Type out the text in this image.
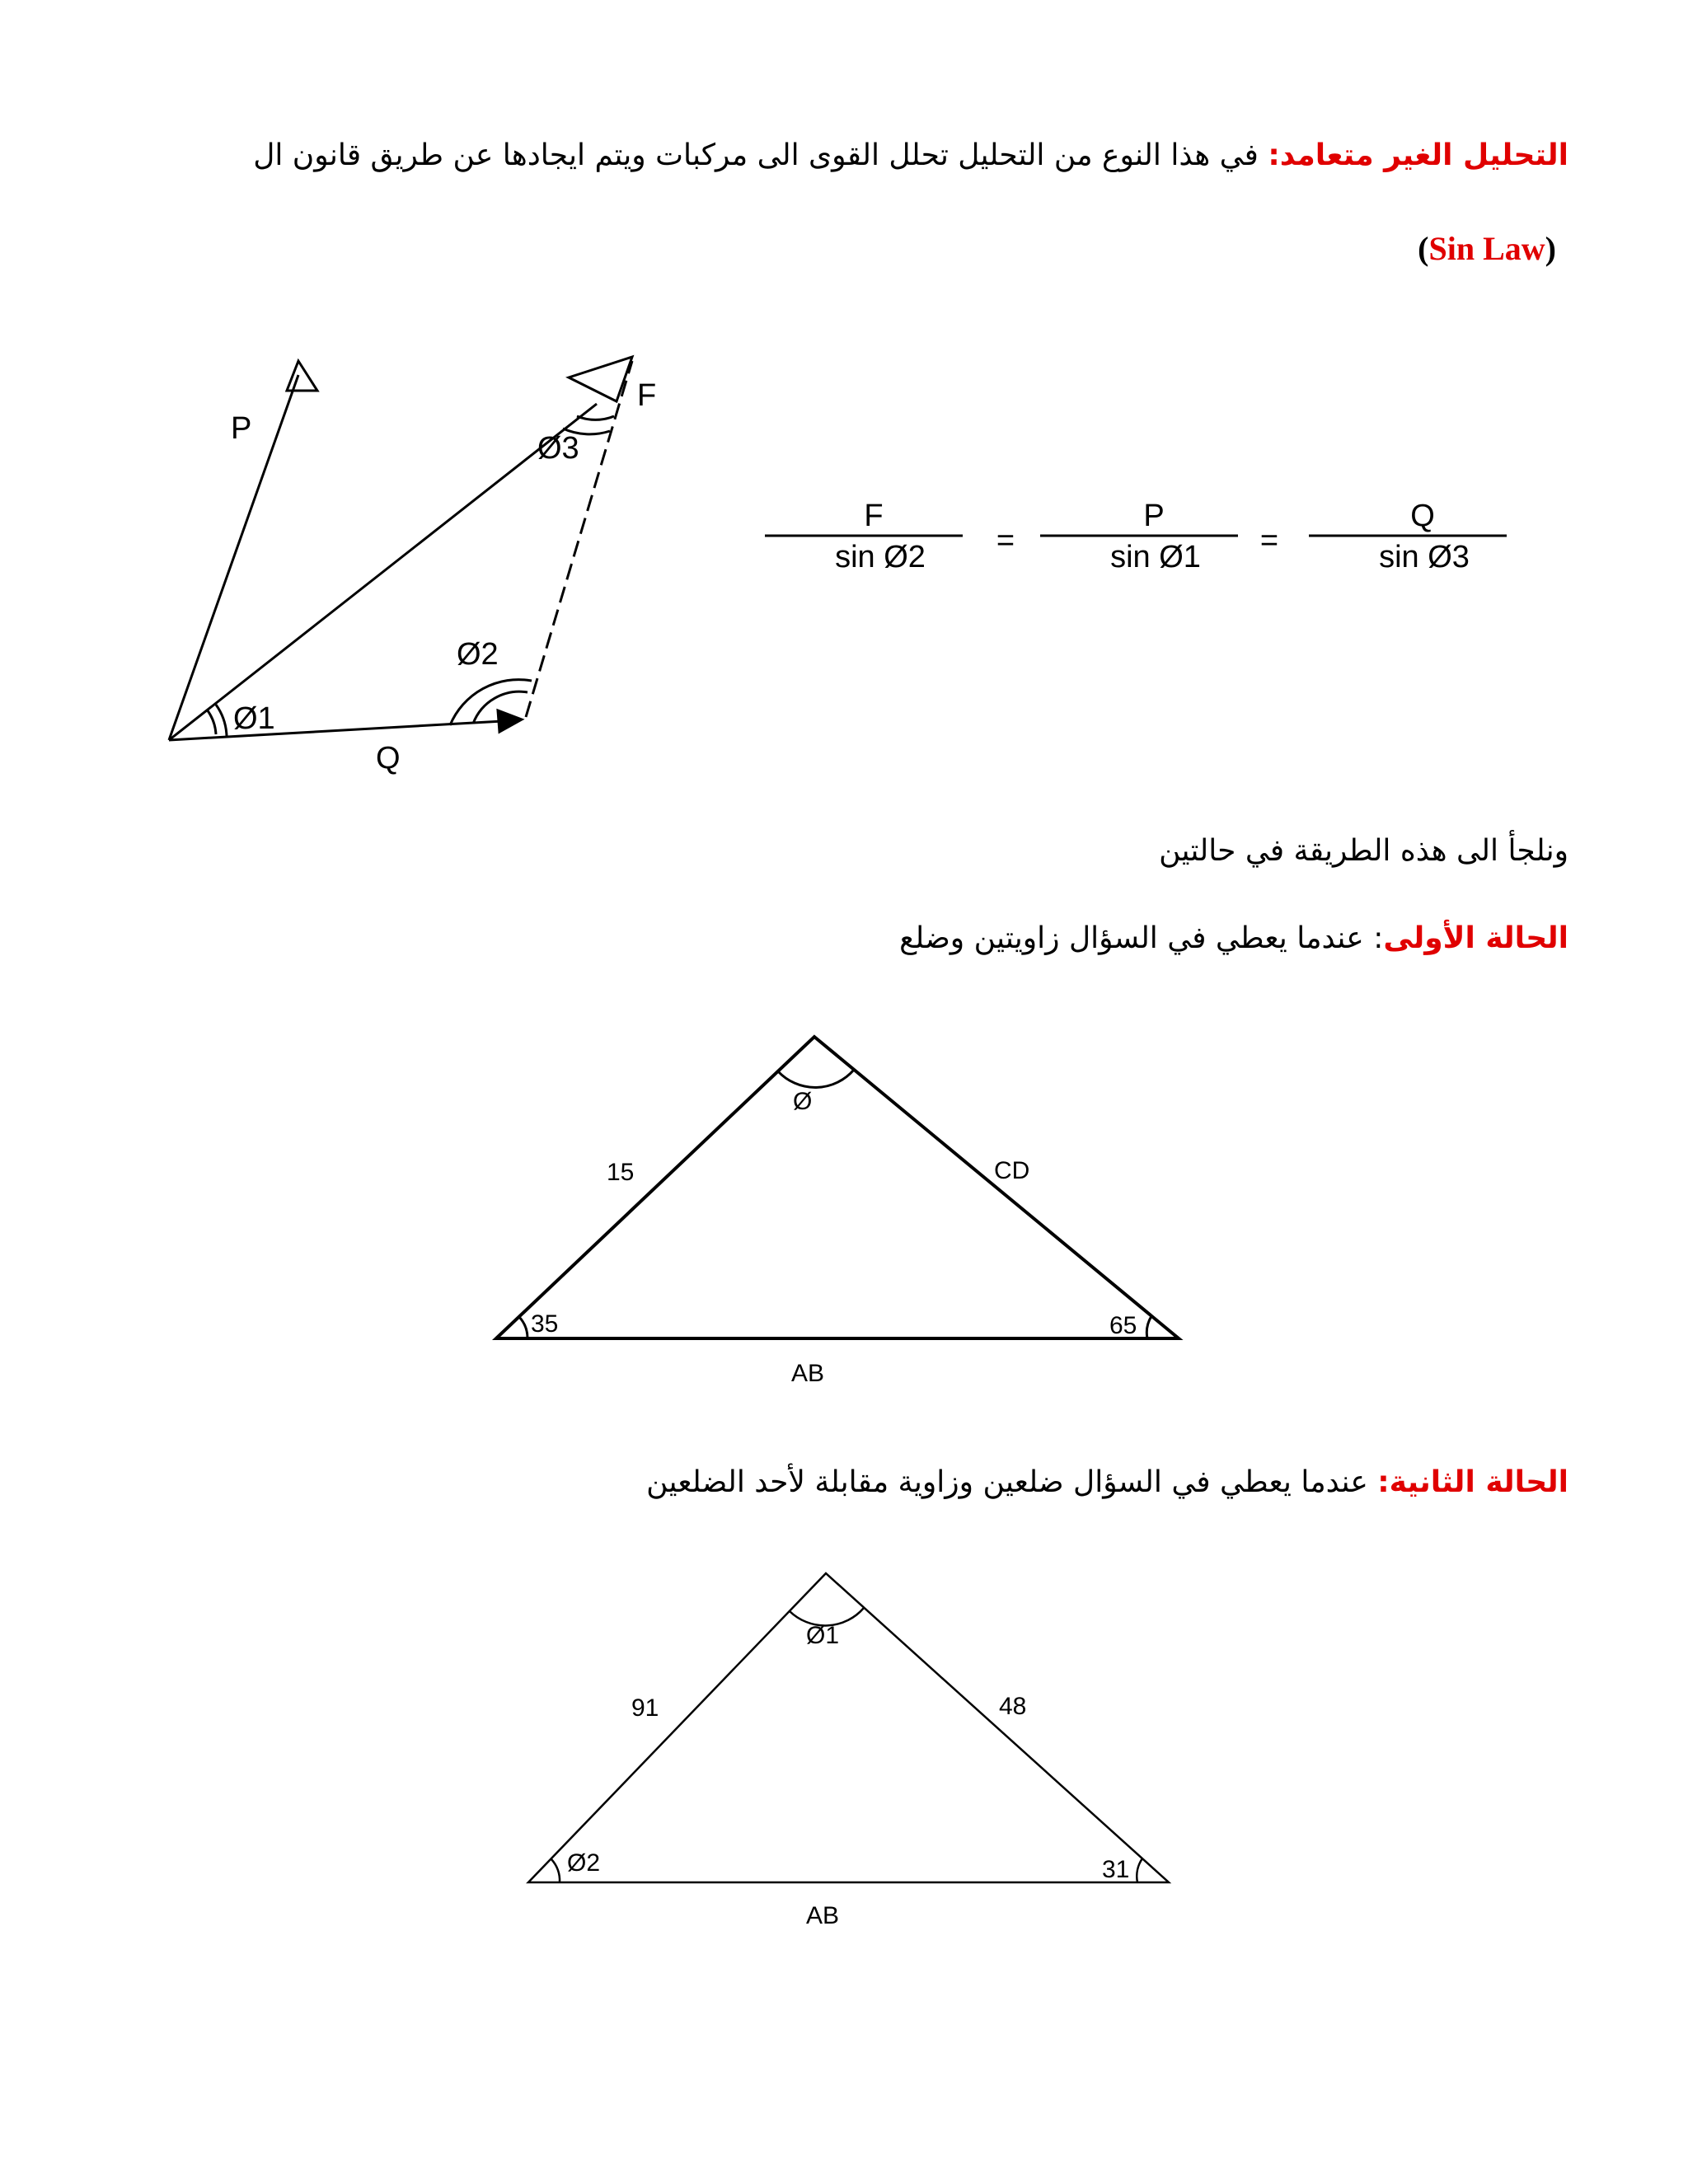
التحليل الغير متعامد: في هذا النوع من التحليل تحلل القوى الى مركبات ويتم ايجادها عن طريق قانون ال
(Sin Law)
P
F
Q
Ø1
Ø2
Ø3
F
sin Ø2 =
P
sin Ø1 =
Q
sin Ø3
15	CD
AB
Ø
35	65
91	48
AB
Ø1
Ø2	31
ونلجأ الى هذه الطريقة في حالتين
الحالة الأولى: عندما يعطي في السؤال زاويتين وضلع
الحالة الثانية: عندما يعطي في السؤال ضلعين وزاوية مقابلة لأحد الضلعين
